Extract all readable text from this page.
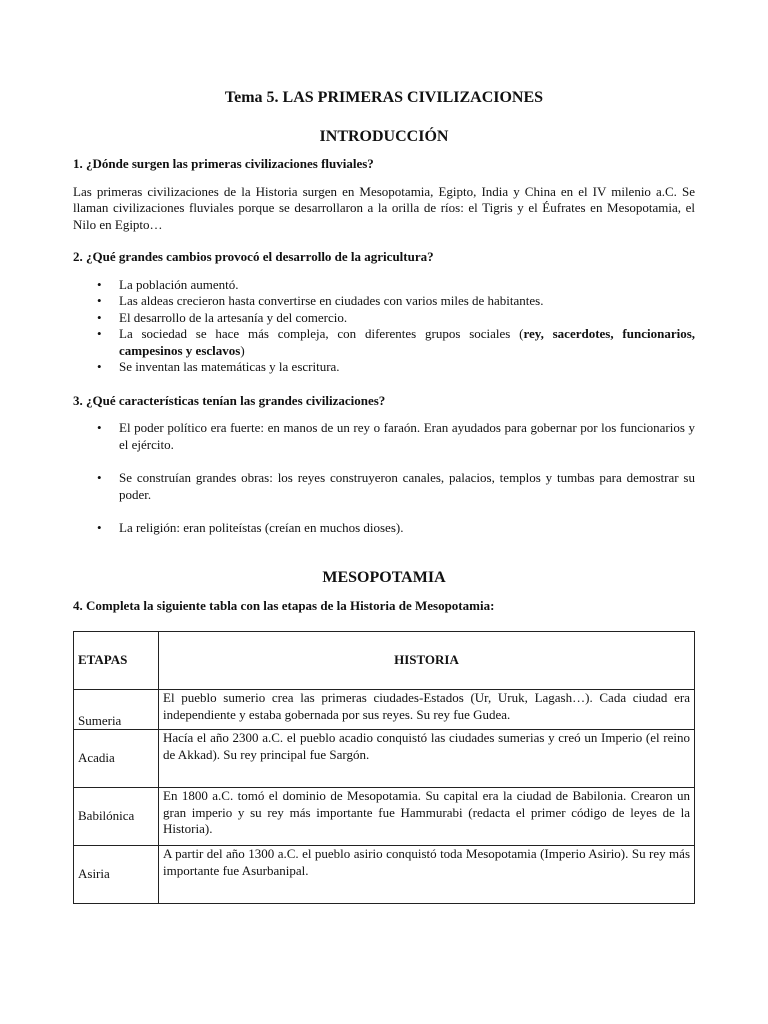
Tema 5. LAS PRIMERAS CIVILIZACIONES

INTRODUCCIÓN

1. ¿Dónde surgen las primeras civilizaciones fluviales?

Las primeras civilizaciones de la Historia surgen en Mesopotamia, Egipto, India y China en el IV milenio a.C. Se llaman civilizaciones fluviales porque se desarrollaron a la orilla de ríos: el Tigris y el Éufrates en Mesopotamia, el Nilo en Egipto…

2. ¿Qué grandes cambios provocó el desarrollo de la agricultura?

• La población aumentó.
• Las aldeas crecieron hasta convertirse en ciudades con varios miles de habitantes.
• El desarrollo de la artesanía y del comercio.
• La sociedad se hace más compleja, con diferentes grupos sociales (rey, sacerdotes, funcionarios, campesinos y esclavos)
• Se inventan las matemáticas y la escritura.

3. ¿Qué características tenían las grandes civilizaciones?

• El poder político era fuerte: en manos de un rey o faraón. Eran ayudados para gobernar por los funcionarios y el ejército.
• Se construían grandes obras: los reyes construyeron canales, palacios, templos y tumbas para demostrar su poder.
• La religión: eran politeístas (creían en muchos dioses).

MESOPOTAMIA

4. Completa la siguiente tabla con las etapas de la Historia de Mesopotamia:

ETAPAS	HISTORIA
Sumeria	El pueblo sumerio crea las primeras ciudades-Estados (Ur, Uruk, Lagash…). Cada ciudad era independiente y estaba gobernada por sus reyes. Su rey fue Gudea.
Acadia	Hacía el año 2300 a.C. el pueblo acadio conquistó las ciudades sumerias y creó un Imperio (el reino de Akkad). Su rey principal fue Sargón.
Babilónica	En 1800 a.C. tomó el dominio de Mesopotamia. Su capital era la ciudad de Babilonia. Crearon un gran imperio y su rey más importante fue Hammurabi (redacta el primer código de leyes de la Historia).
Asiria	A partir del año 1300 a.C. el pueblo asirio conquistó toda Mesopotamia (Imperio Asirio). Su rey más importante fue Asurbanipal.
